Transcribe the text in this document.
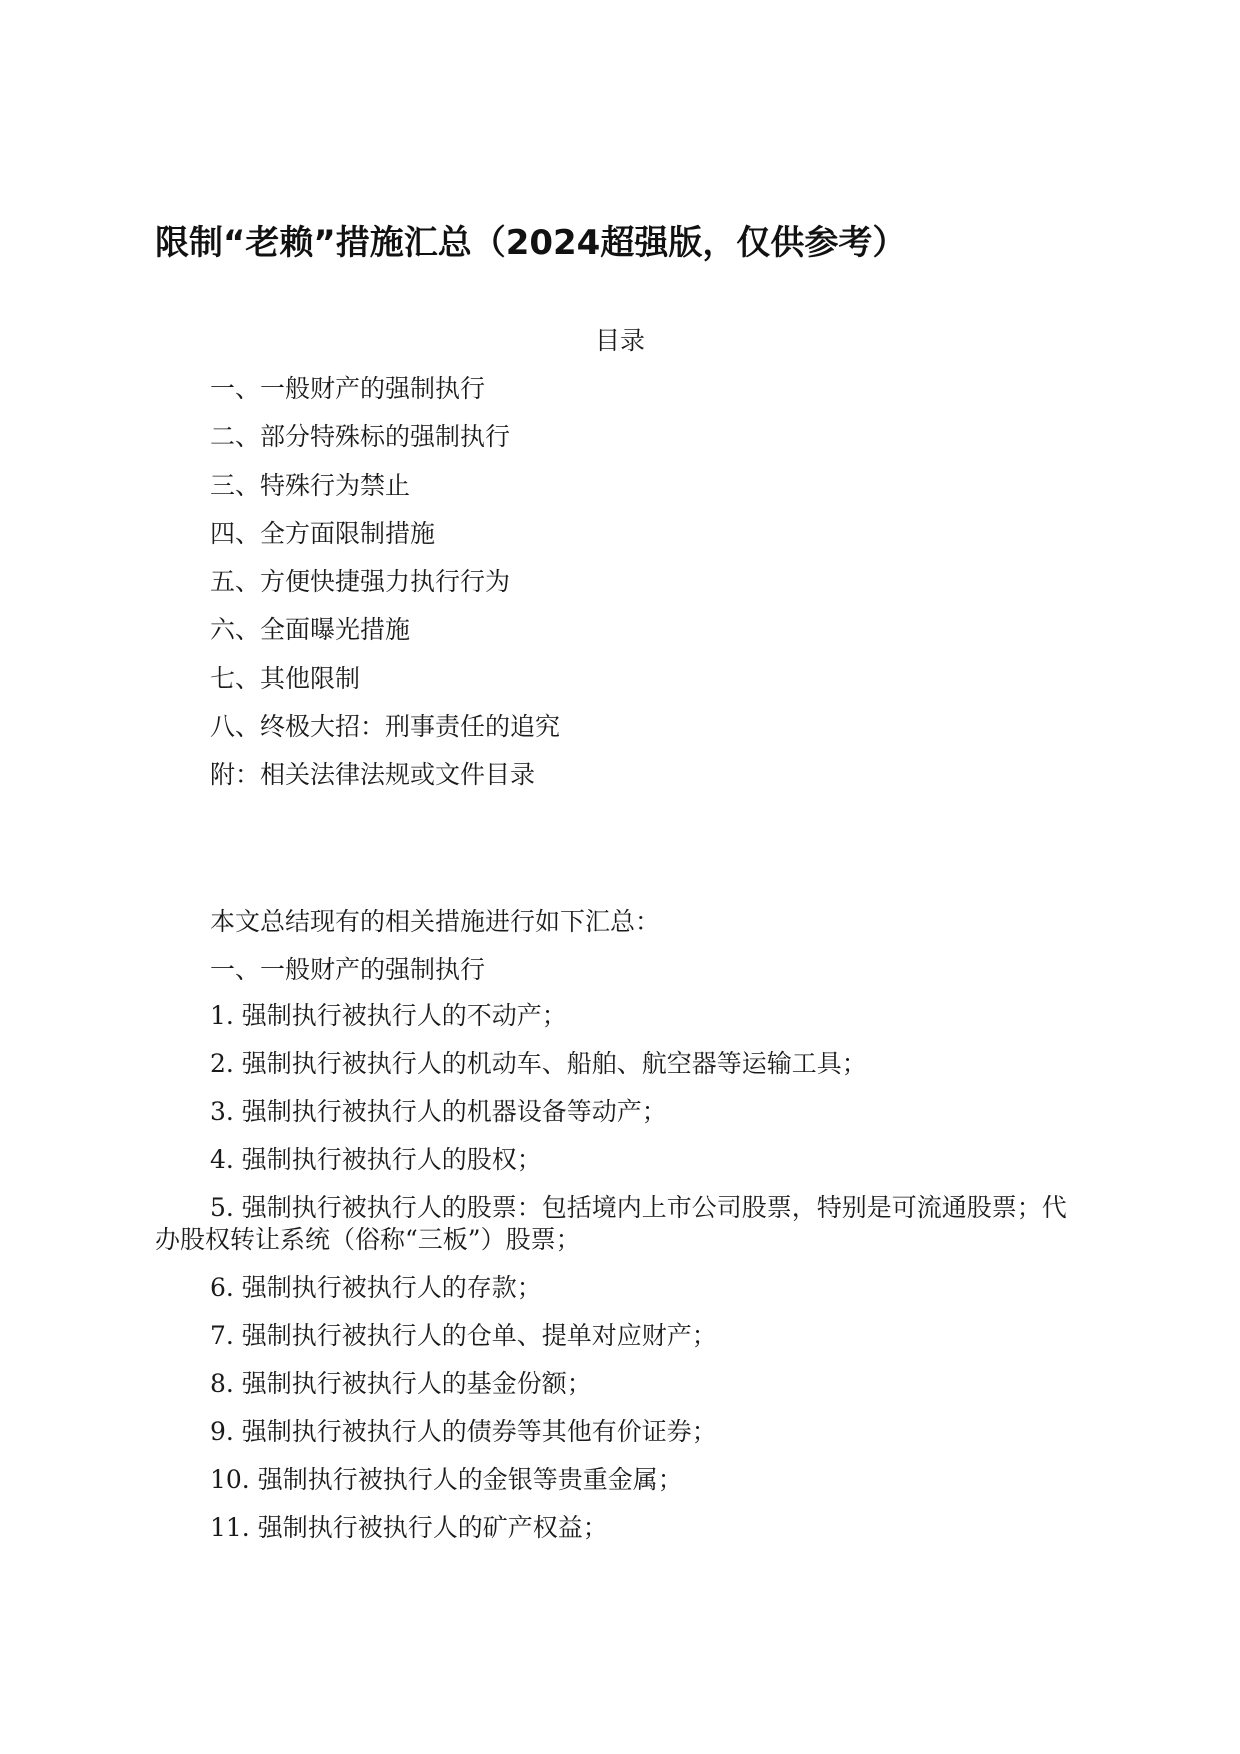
限制“老赖”措施汇总（2024超强版，仅供参考）
目录
一、一般财产的强制执行
二、部分特殊标的强制执行
三、特殊行为禁止
四、全方面限制措施
五、方便快捷强力执行行为
六、全面曝光措施
七、其他限制
八、终极大招：刑事责任的追究
附：相关法律法规或文件目录
本文总结现有的相关措施进行如下汇总：
一、一般财产的强制执行
1. 强制执行被执行人的不动产；
2. 强制执行被执行人的机动车、船舶、航空器等运输工具；
3. 强制执行被执行人的机器设备等动产；
4. 强制执行被执行人的股权；
5. 强制执行被执行人的股票：包括境内上市公司股票，特别是可流通股票；代办股权转让系统（俗称“三板”）股票；
6. 强制执行被执行人的存款；
7. 强制执行被执行人的仓单、提单对应财产；
8. 强制执行被执行人的基金份额；
9. 强制执行被执行人的债券等其他有价证券；
10. 强制执行被执行人的金银等贵重金属；
11. 强制执行被执行人的矿产权益；
